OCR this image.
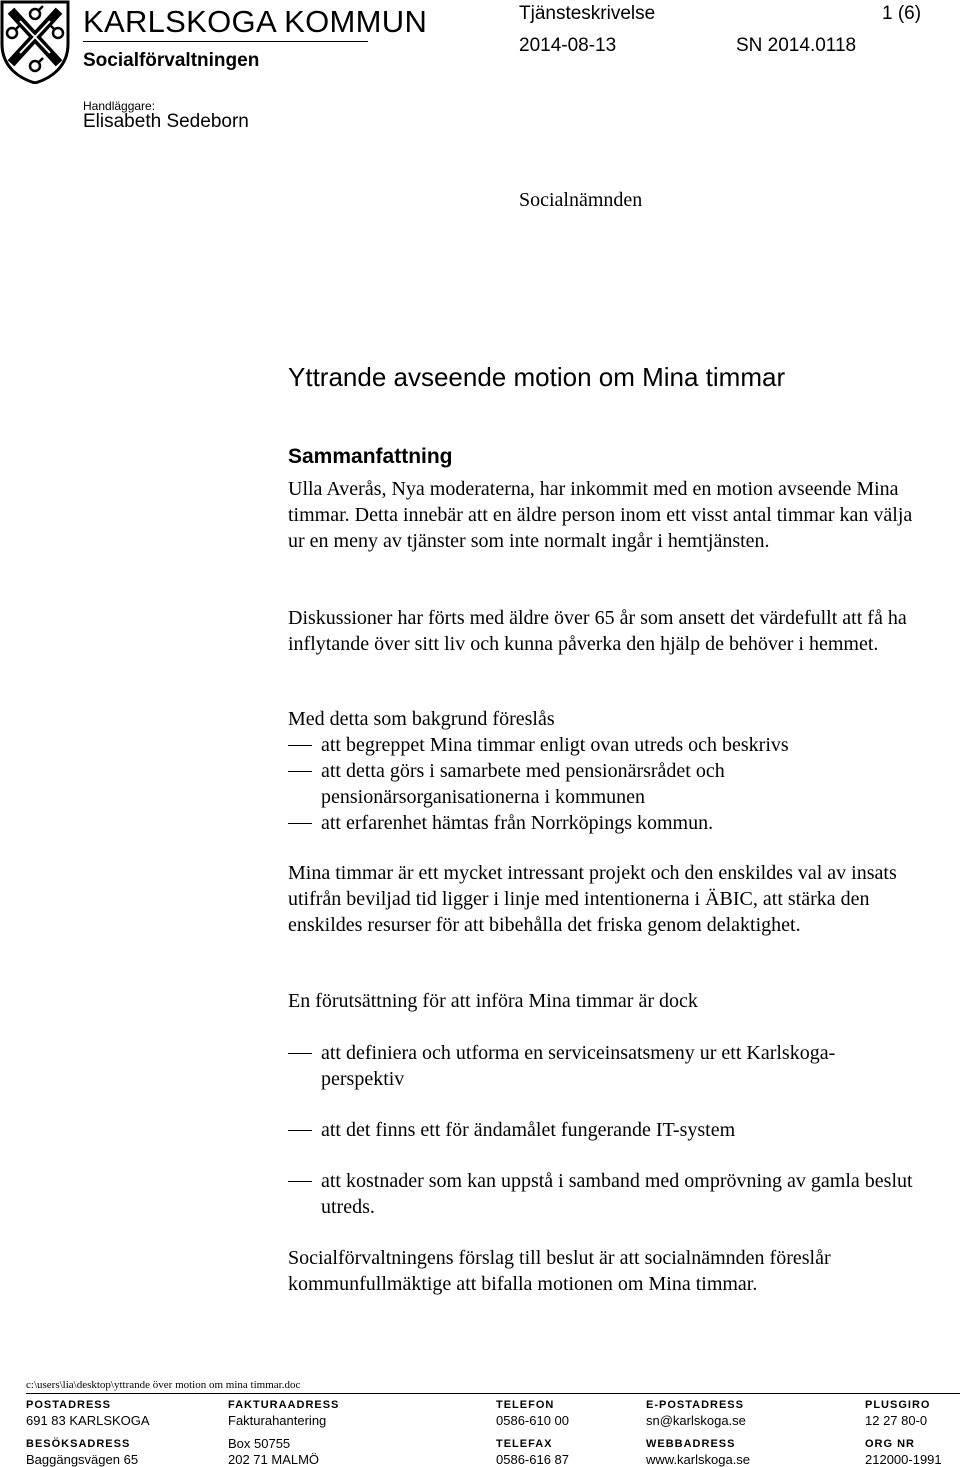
KARLSKOGA KOMMUN
Socialförvaltningen
Tjänsteskrivelse	1 (6)
2014-08-13	SN 2014.0118
Handläggare:
Elisabeth Sedeborn
Socialnämnden
Yttrande avseende motion om Mina timmar
Sammanfattning
Ulla Averås, Nya moderaterna, har inkommit med en motion avseende Mina timmar. Detta innebär att en äldre person inom ett visst antal timmar kan välja ur en meny av tjänster som inte normalt ingår i hemtjänsten.
Diskussioner har förts med äldre över 65 år som ansett det värdefullt att få ha inflytande över sitt liv och kunna påverka den hjälp de behöver i hemmet.
Med detta som bakgrund föreslås
att begreppet Mina timmar enligt ovan utreds och beskrivs
att detta görs i samarbete med pensionärsrådet och pensionärsorganisationerna i kommunen
att erfarenhet hämtas från Norrköpings kommun.
Mina timmar är ett mycket intressant projekt och den enskildes val av insats utifrån beviljad tid ligger i linje med intentionerna i ÄBIC, att stärka den enskildes resurser för att bibehålla det friska genom delaktighet.
En förutsättning för att införa Mina timmar är dock
att definiera och utforma en serviceinsatsmeny ur ett Karlskoga-perspektiv
att det finns ett för ändamålet fungerande IT-system
att kostnader som kan uppstå i samband med omprövning av gamla beslut utreds.
Socialförvaltningens förslag till beslut är att socialnämnden föreslår kommunfullmäktige att bifalla motionen om Mina timmar.
c:\users\lia\desktop\yttrande över motion om mina timmar.doc
POSTADRESS
691 83 KARLSKOGA
BESÖKSADRESS
Baggängsvägen 65
FAKTURAADRESS
Fakturahantering
Box 50755
202 71 MALMÖ
TELEFON
0586-610 00
TELEFAX
0586-616 87
E-POSTADRESS
sn@karlskoga.se
WEBBADRESS
www.karlskoga.se
PLUSGIRO
12 27 80-0
ORG NR
212000-1991
